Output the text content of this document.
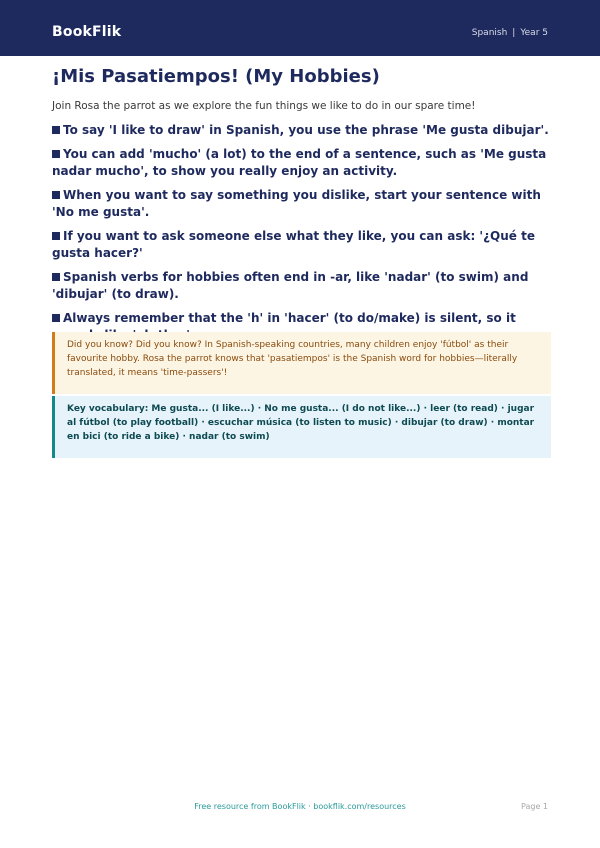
BookFlik	Spanish | Year 5
¡Mis Pasatiempos! (My Hobbies)

Join Rosa the parrot as we explore the fun things we like to do in our spare time!

To say 'I like to draw' in Spanish, you use the phrase 'Me gusta dibujar'.
You can add 'mucho' (a lot) to the end of a sentence, such as 'Me gusta nadar mucho', to show you really enjoy an activity.
When you want to say something you dislike, start your sentence with 'No me gusta'.
If you want to ask someone else what they like, you can ask: '¿Qué te gusta hacer?'
Spanish verbs for hobbies often end in -ar, like 'nadar' (to swim) and 'dibujar' (to draw).
Always remember that the 'h' in 'hacer' (to do/make) is silent, so it
Did you know? Did you know? In Spanish-speaking countries, many children enjoy 'fútbol' as their favourite hobby. Rosa the parrot knows that 'pasatiempos' is the Spanish word for hobbies—literally translated, it means 'time-passers'!
Key vocabulary: Me gusta... (I like...) · No me gusta... (I do not like...) · leer (to read) · jugar al fútbol (to play football) · escuchar música (to listen to music) · dibujar (to draw) · montar en bici (to ride a bike) · nadar (to swim)
Free resource from BookFlik · bookflik.com/resources	Page 1
